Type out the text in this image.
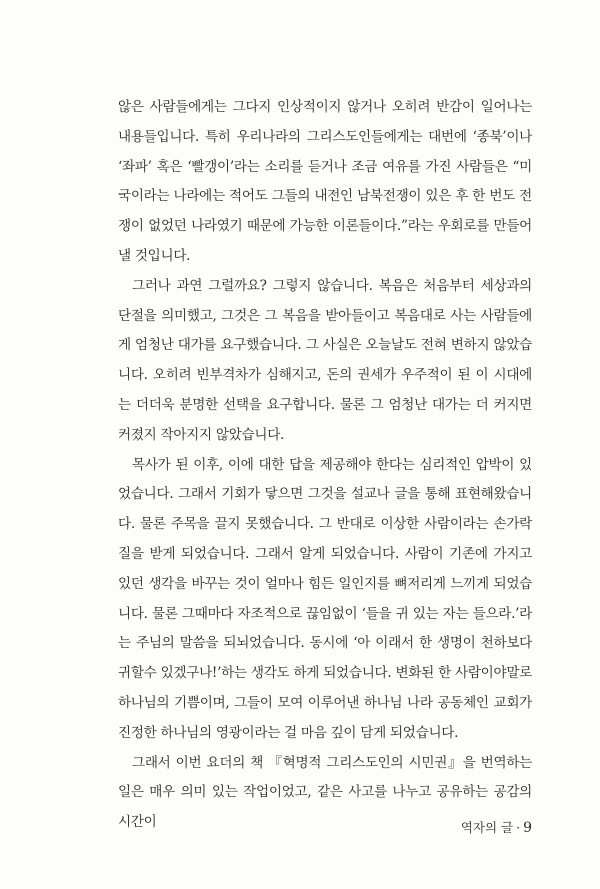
않은 사람들에게는 그다지 인상적이지 않거나 오히려 반감이 일어나는 내용들입니다. 특히 우리나라의 그리스도인들에게는 대번에 ‘종북’이나 ‘좌파’ 혹은 ‘빨갱이’라는 소리를 듣거나 조금 여유를 가진 사람들은 “미국이라는 나라에는 적어도 그들의 내전인 남북전쟁이 있은 후 한 번도 전쟁이 없었던 나라였기 때문에 가능한 이론들이다.”라는 우회로를 만들어낼 것입니다.

그러나 과연 그럴까요? 그렇지 않습니다. 복음은 처음부터 세상과의 단절을 의미했고, 그것은 그 복음을 받아들이고 복음대로 사는 사람들에게 엄청난 대가를 요구했습니다. 그 사실은 오늘날도 전혀 변하지 않았습니다. 오히려 빈부격차가 심해지고, 돈의 권세가 우주적이 된 이 시대에는 더더욱 분명한 선택을 요구합니다. 물론 그 엄청난 대가는 더 커지면 커졌지 작아지지 않았습니다.

목사가 된 이후, 이에 대한 답을 제공해야 한다는 심리적인 압박이 있었습니다. 그래서 기회가 닿으면 그것을 설교나 글을 통해 표현해왔습니다. 물론 주목을 끌지 못했습니다. 그 반대로 이상한 사람이라는 손가락질을 받게 되었습니다. 그래서 알게 되었습니다. 사람이 기존에 가지고 있던 생각을 바꾸는 것이 얼마나 힘든 일인지를 뼈저리게 느끼게 되었습니다. 물론 그때마다 자조적으로 끊임없이 ‘들을 귀 있는 자는 들으라.’라는 주님의 말씀을 되뇌었습니다. 동시에 ‘아 이래서 한 생명이 천하보다 귀할수 있겠구나!’하는 생각도 하게 되었습니다. 변화된 한 사람이야말로 하나님의 기쁨이며, 그들이 모여 이루어낸 하나님 나라 공동체인 교회가 진정한 하나님의 영광이라는 걸 마음 깊이 담게 되었습니다.

그래서 이번 요더의 책 『혁명적 그리스도인의 시민권』을 번역하는 일은 매우 의미 있는 작업이었고, 같은 사고를 나누고 공유하는 공감의 시간이	역자의 글 · 9
